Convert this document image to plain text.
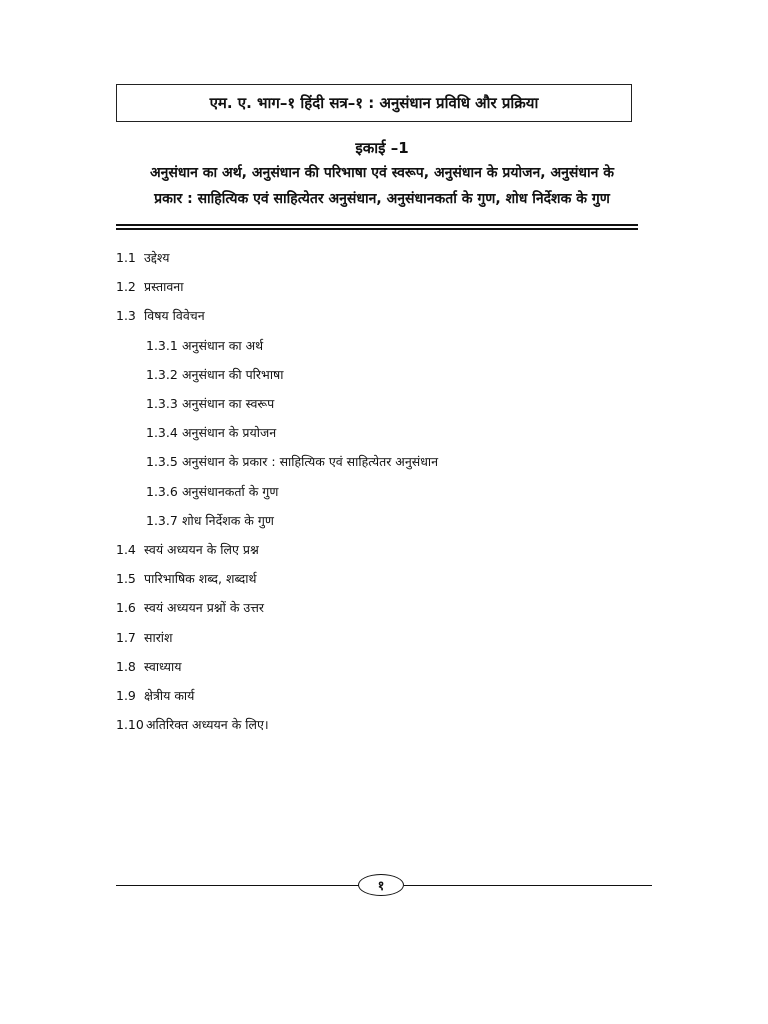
एम. ए. भाग–१ हिंदी सत्र–१ : अनुसंधान प्रविधि और प्रक्रिया
इकाई –1
अनुसंधान का अर्थ, अनुसंधान की परिभाषा एवं स्वरूप, अनुसंधान के प्रयोजन, अनुसंधान के
प्रकार : साहित्यिक एवं साहित्येतर अनुसंधान, अनुसंधानकर्ता के गुण, शोध निर्देशक के गुण
1.1 उद्देश्य
1.2 प्रस्तावना
1.3 विषय विवेचन
1.3.1 अनुसंधान का अर्थ
1.3.2 अनुसंधान की परिभाषा
1.3.3 अनुसंधान का स्वरूप
1.3.4 अनुसंधान के प्रयोजन
1.3.5 अनुसंधान के प्रकार : साहित्यिक एवं साहित्येतर अनुसंधान
1.3.6 अनुसंधानकर्ता के गुण
1.3.7 शोध निर्देशक के गुण
1.4 स्वयं अध्ययन के लिए प्रश्न
1.5 पारिभाषिक शब्द, शब्दार्थ
1.6 स्वयं अध्ययन प्रश्नों के उत्तर
1.7 सारांश
1.8 स्वाध्याय
1.9 क्षेत्रीय कार्य
1.10 अतिरिक्त अध्ययन के लिए।
१
